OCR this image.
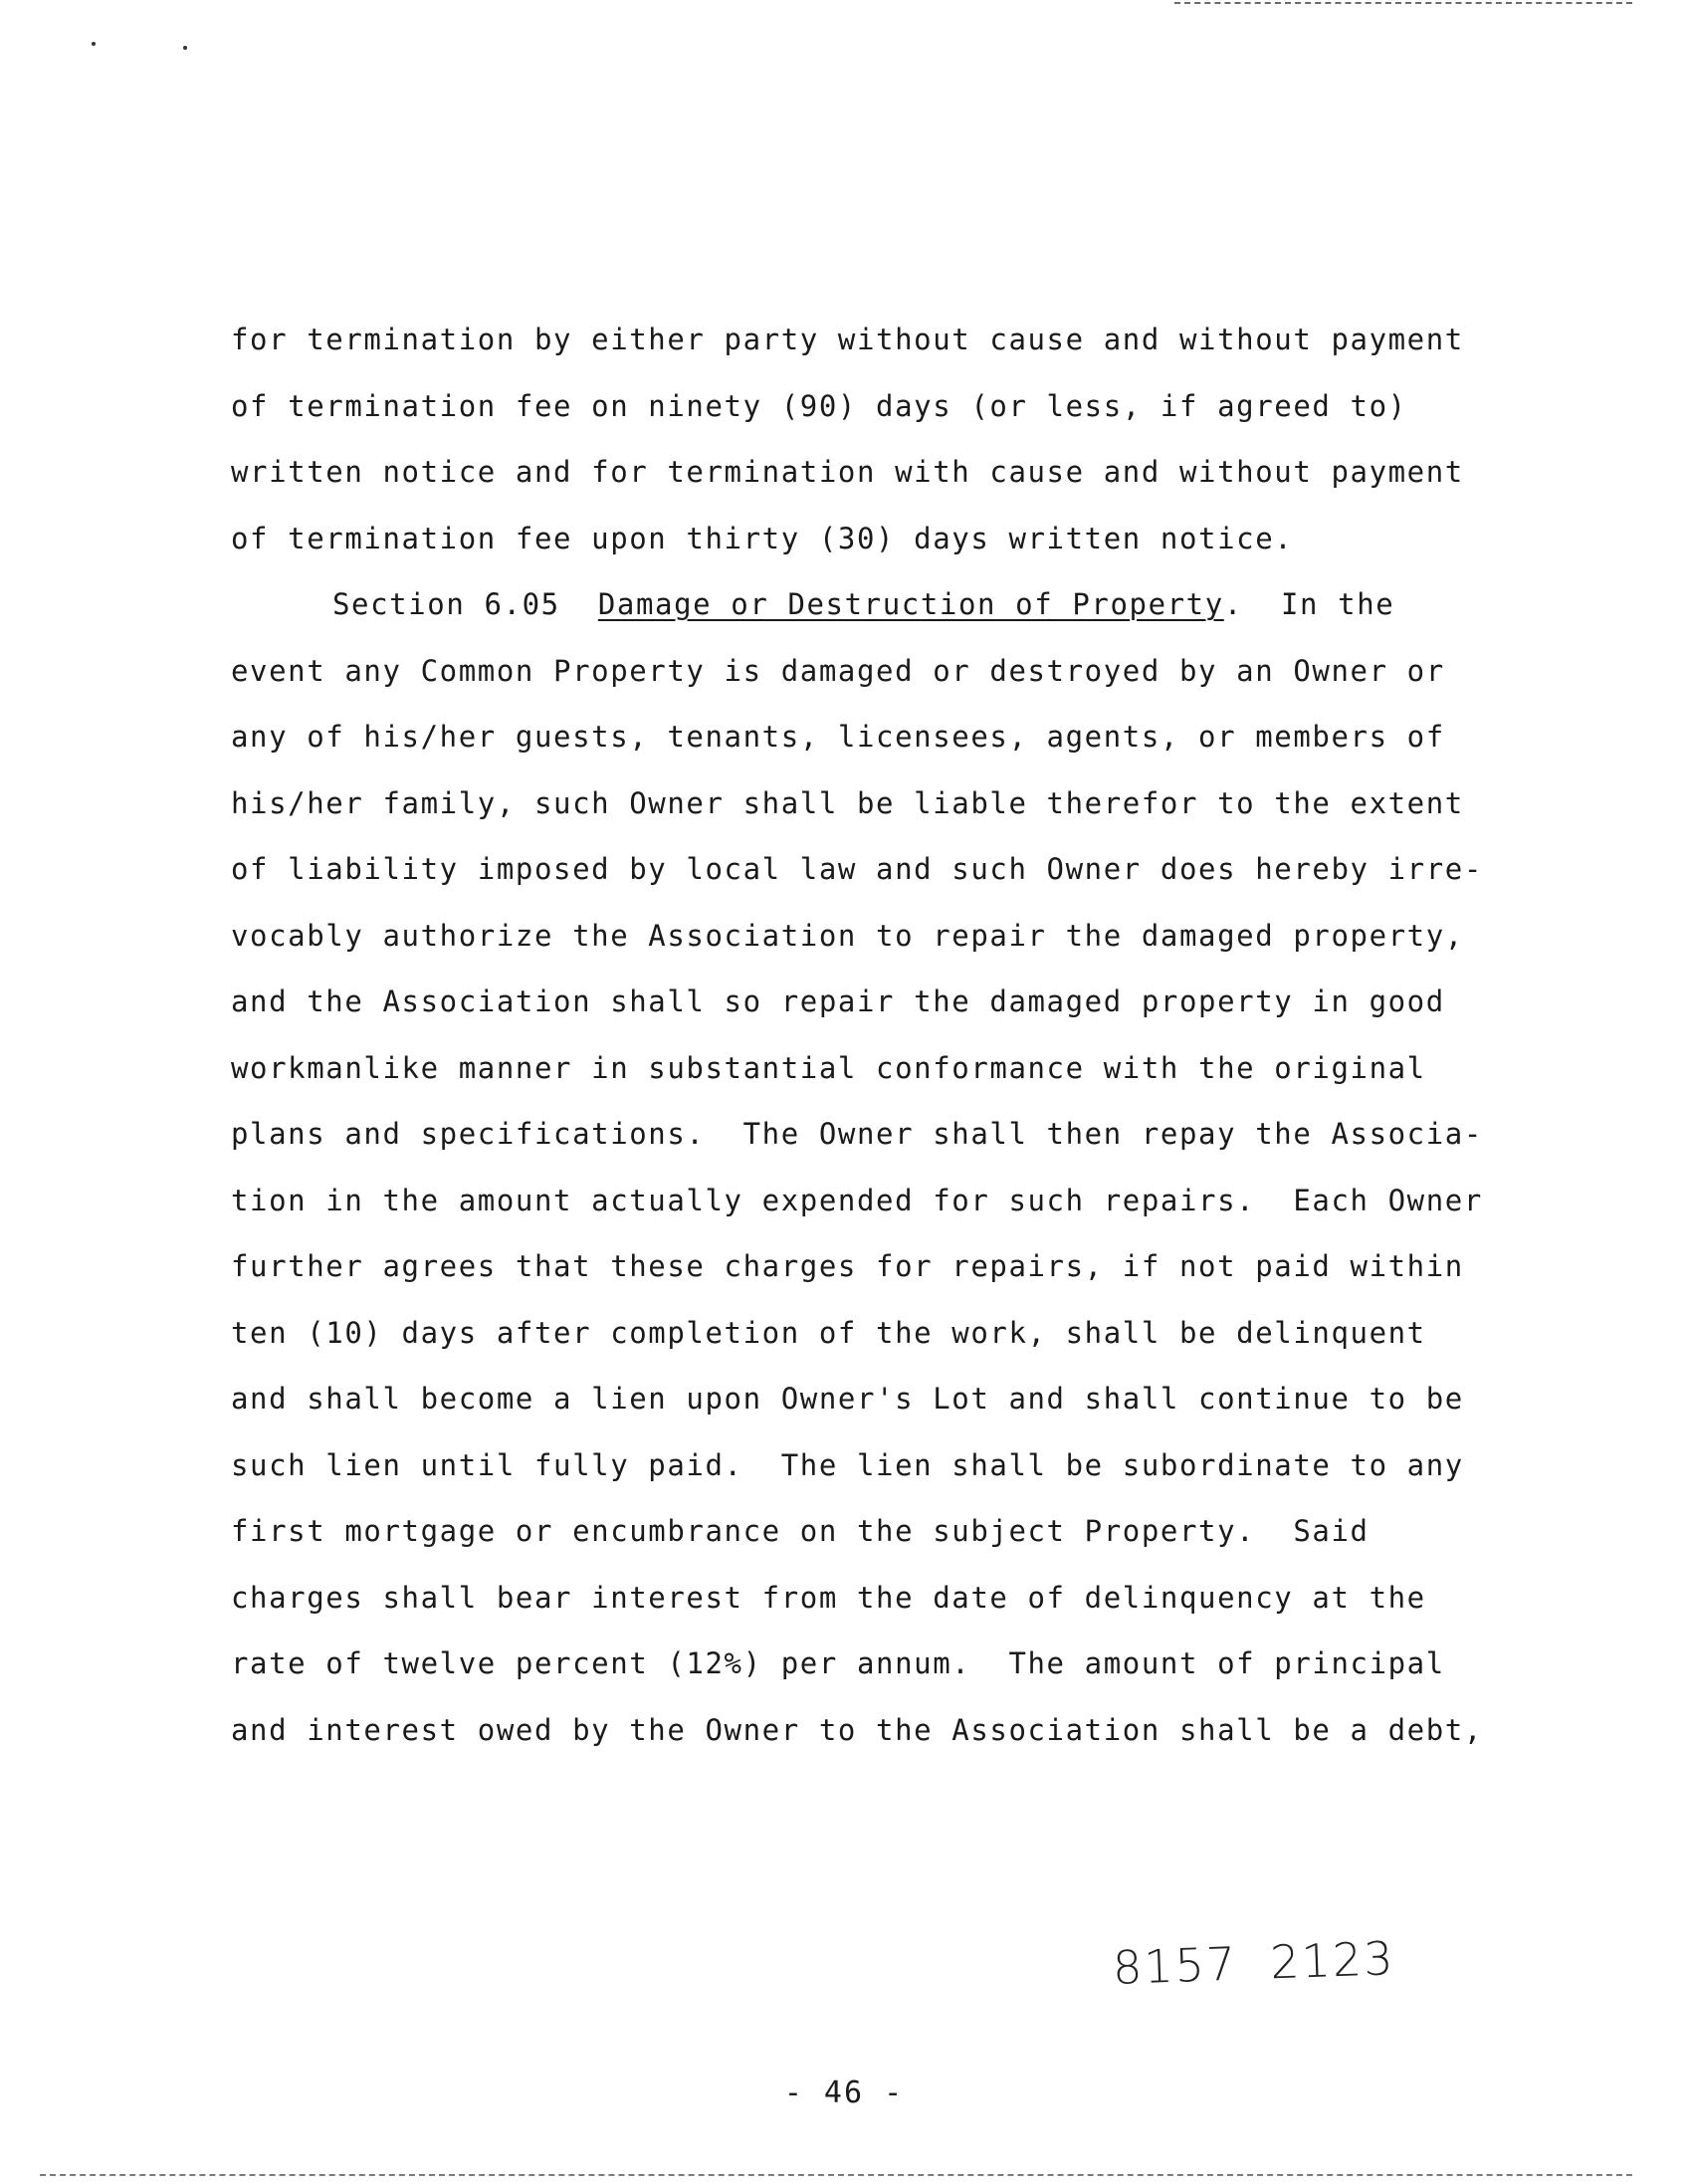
for termination by either party without cause and without payment
of termination fee on ninety (90) days (or less, if agreed to)
written notice and for termination with cause and without payment
of termination fee upon thirty (30) days written notice.
Section 6.05 Damage or Destruction of Property.  In the
event any Common Property is damaged or destroyed by an Owner or
any of his/her guests, tenants, licensees, agents, or members of
his/her family, such Owner shall be liable therefor to the extent
of liability imposed by local law and such Owner does hereby irre-
vocably authorize the Association to repair the damaged property,
and the Association shall so repair the damaged property in good
workmanlike manner in substantial conformance with the original
plans and specifications.  The Owner shall then repay the Associa-
tion in the amount actually expended for such repairs.  Each Owner
further agrees that these charges for repairs, if not paid within
ten (10) days after completion of the work, shall be delinquent
and shall become a lien upon Owner's Lot and shall continue to be
such lien until fully paid.  The lien shall be subordinate to any
first mortgage or encumbrance on the subject Property.  Said
charges shall bear interest from the date of delinquency at the
rate of twelve percent (12%) per annum.  The amount of principal
and interest owed by the Owner to the Association shall be a debt,
8157  2123
- 46 -
